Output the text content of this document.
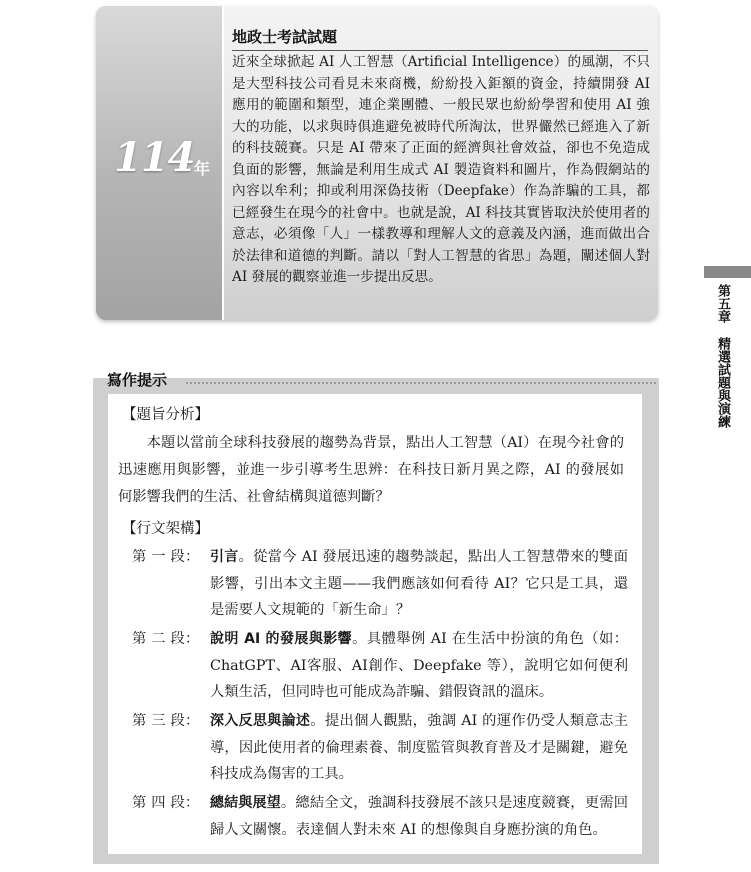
114 年
地政士考試試題
近來全球掀起 AI 人工智慧（Artificial Intelligence）的風潮，不只是大型科技公司看見未來商機，紛紛投入鉅額的資金，持續開發 AI 應用的範圍和類型，連企業團體、一般民眾也紛紛學習和使用 AI 強大的功能，以求與時俱進避免被時代所淘汰，世界儼然已經進入了新的科技競賽。只是 AI 帶來了正面的經濟與社會效益，卻也不免造成負面的影響，無論是利用生成式 AI 製造資料和圖片，作為假網站的內容以牟利；抑或利用深偽技術（Deepfake）作為詐騙的工具，都已經發生在現今的社會中。也就是說，AI 科技其實皆取決於使用者的意志，必須像「人」一樣教導和理解人文的意義及內涵，進而做出合於法律和道德的判斷。請以「對人工智慧的省思」為題，闡述個人對 AI 發展的觀察並進一步提出反思。
第五章精選試題與演練
寫作提示
【題旨分析】
本題以當前全球科技發展的趨勢為背景，點出人工智慧（AI）在現今社會的迅速應用與影響，並進一步引導考生思辨：在科技日新月異之際，AI 的發展如何影響我們的生活、社會結構與道德判斷？
【行文架構】
第 一 段： 引言。從當今 AI 發展迅速的趨勢談起，點出人工智慧帶來的雙面影響，引出本文主題——我們應該如何看待 AI？它只是工具，還是需要人文規範的「新生命」？
第 二 段： 說明 AI 的發展與影響。具體舉例 AI 在生活中扮演的角色（如：ChatGPT、AI客服、AI創作、Deepfake 等），說明它如何便利人類生活，但同時也可能成為詐騙、錯假資訊的溫床。
第 三 段： 深入反思與論述。提出個人觀點，強調 AI 的運作仍受人類意志主導，因此使用者的倫理素養、制度監管與教育普及才是關鍵，避免科技成為傷害的工具。
第 四 段： 總結與展望。總結全文，強調科技發展不該只是速度競賽，更需回歸人文關懷。表達個人對未來 AI 的想像與自身應扮演的角色。
